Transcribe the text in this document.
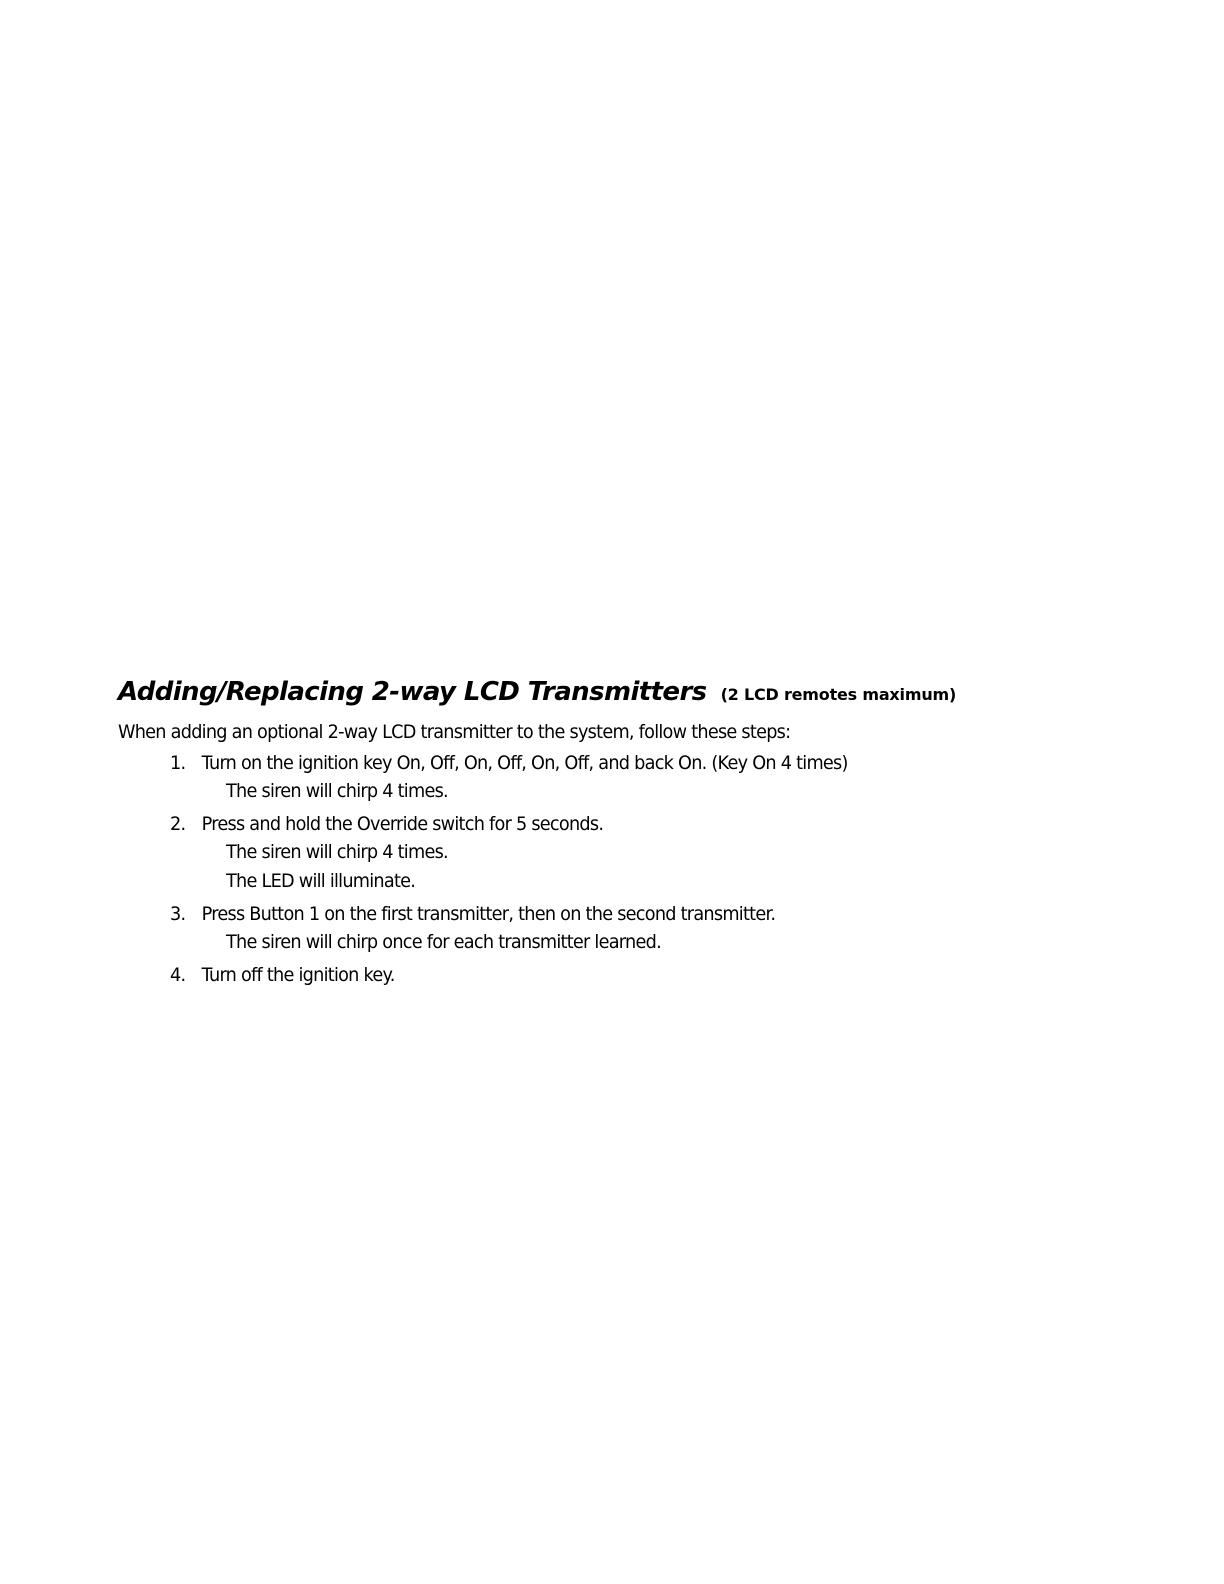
Adding/Replacing 2-way LCD Transmitters (2 LCD remotes maximum)
When adding an optional 2-way LCD transmitter to the system, follow these steps:
1. Turn on the ignition key On, Off, On, Off, On, Off, and back On. (Key On 4 times)
The siren will chirp 4 times.
2. Press and hold the Override switch for 5 seconds.
The siren will chirp 4 times.
The LED will illuminate.
3. Press Button 1 on the first transmitter, then on the second transmitter.
The siren will chirp once for each transmitter learned.
4. Turn off the ignition key.
